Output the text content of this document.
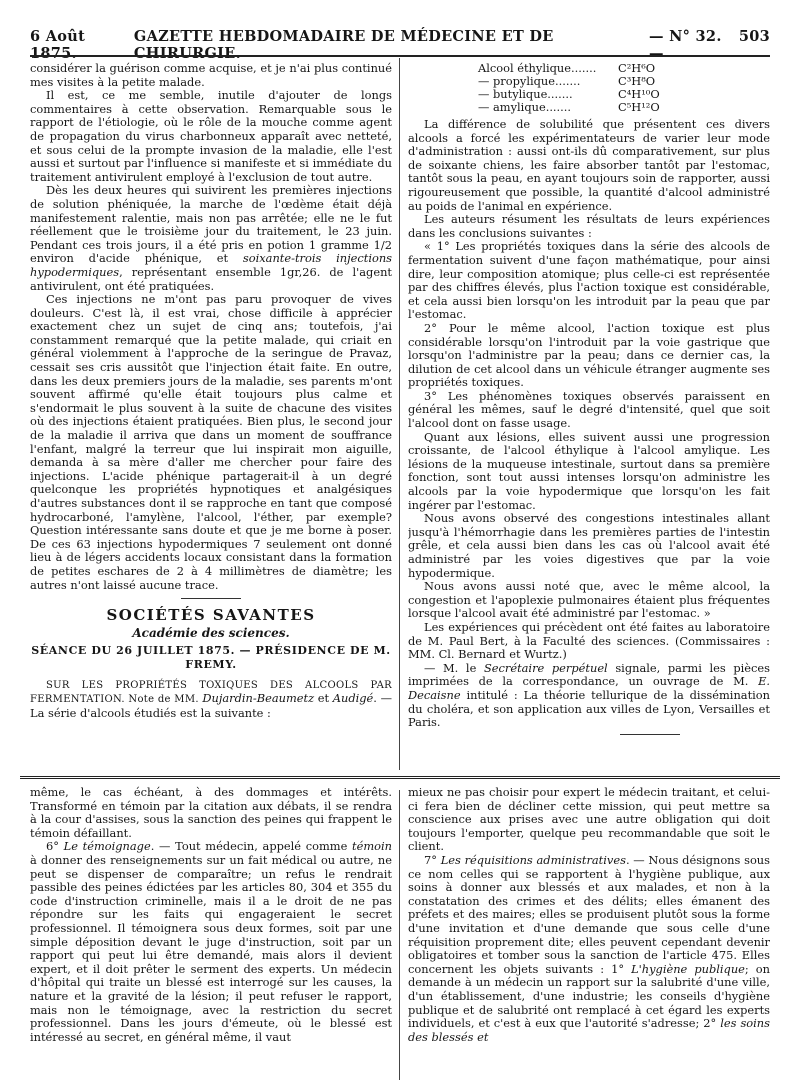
6 Août 1875.
GAZETTE HEBDOMADAIRE DE MÉDECINE ET DE CHIRURGIE.
— N° 32. —
503

considérer la guérison comme acquise, et je n'ai plus continué mes visites à la petite malade.

Il est, ce me semble, inutile d'ajouter de longs commentaires à cette observation. Remarquable sous le rapport de l'étiologie, où le rôle de la mouche comme agent de propagation du virus charbonneux apparaît avec netteté, et sous celui de la prompte invasion de la maladie, elle l'est aussi et surtout par l'influence si manifeste et si immédiate du traitement antivirulent employé à l'exclusion de tout autre.

Dès les deux heures qui suivirent les premières injections de solution phéniquée, la marche de l'œdème était déjà manifestement ralentie, mais non pas arrêtée; elle ne le fut réellement que le troisième jour du traitement, le 23 juin. Pendant ces trois jours, il a été pris en potion 1 gramme 1/2 environ d'acide phénique, et soixante-trois injections hypodermiques, représentant ensemble 1gr,26. de l'agent antivirulent, ont été pratiquées.

Ces injections ne m'ont pas paru provoquer de vives douleurs. C'est là, il est vrai, chose difficile à apprécier exactement chez un sujet de cinq ans; toutefois, j'ai constamment remarqué que la petite malade, qui criait en général violemment à l'approche de la seringue de Pravaz, cessait ses cris aussitôt que l'injection était faite. En outre, dans les deux premiers jours de la maladie, ses parents m'ont souvent affirmé qu'elle était toujours plus calme et s'endormait le plus souvent à la suite de chacune des visites où des injections étaient pratiquées. Bien plus, le second jour de la maladie il arriva que dans un moment de souffrance l'enfant, malgré la terreur que lui inspirait mon aiguille, demanda à sa mère d'aller me chercher pour faire des injections. L'acide phénique partagerait-il à un degré quelconque les propriétés hypnotiques et analgésiques d'autres substances dont il se rapproche en tant que composé hydrocarboné, l'amylène, l'alcool, l'éther, par exemple? Question intéressante sans doute et que je me borne à poser. De ces 63 injections hypodermiques 7 seulement ont donné lieu à de légers accidents locaux consistant dans la formation de petites eschares de 2 à 4 millimètres de diamètre; les autres n'ont laissé aucune trace.

SOCIÉTÉS SAVANTES
Académie des sciences.
SÉANCE DU 26 JUILLET 1875. — PRÉSIDENCE DE M. FREMY.

SUR LES PROPRIÉTÉS TOXIQUES DES ALCOOLS PAR FERMENTATION. Note de MM. Dujardin-Beaumetz et Audigé. — La série d'alcools étudiés est la suivante :

Alcool éthylique.......	C²H⁶O
— propylique.......	C³H⁸O
— butylique.......	C⁴H¹⁰O
— amylique.......	C⁵H¹²O

La différence de solubilité que présentent ces divers alcools a forcé les expérimentateurs de varier leur mode d'administration : aussi ont-ils dû comparativement, sur plus de soixante chiens, les faire absorber tantôt par l'estomac, tantôt sous la peau, en ayant toujours soin de rapporter, aussi rigoureusement que possible, la quantité d'alcool administré au poids de l'animal en expérience.

Les auteurs résument les résultats de leurs expériences dans les conclusions suivantes :

« 1° Les propriétés toxiques dans la série des alcools de fermentation suivent d'une façon mathématique, pour ainsi dire, leur composition atomique; plus celle-ci est représentée par des chiffres élevés, plus l'action toxique est considérable, et cela aussi bien lorsqu'on les introduit par la peau que par l'estomac.

2° Pour le même alcool, l'action toxique est plus considérable lorsqu'on l'introduit par la voie gastrique que lorsqu'on l'administre par la peau; dans ce dernier cas, la dilution de cet alcool dans un véhicule étranger augmente ses propriétés toxiques.

3° Les phénomènes toxiques observés paraissent en général les mêmes, sauf le degré d'intensité, quel que soit l'alcool dont on fasse usage.

Quant aux lésions, elles suivent aussi une progression croissante, de l'alcool éthylique à l'alcool amylique. Les lésions de la muqueuse intestinale, surtout dans sa première fonction, sont tout aussi intenses lorsqu'on administre les alcools par la voie hypodermique que lorsqu'on les fait ingérer par l'estomac.

Nous avons observé des congestions intestinales allant jusqu'à l'hémorrhagie dans les premières parties de l'intestin grêle, et cela aussi bien dans les cas où l'alcool avait été administré par les voies digestives que par la voie hypodermique.

Nous avons aussi noté que, avec le même alcool, la congestion et l'apoplexie pulmonaires étaient plus fréquentes lorsque l'alcool avait été administré par l'estomac. »

Les expériences qui précèdent ont été faites au laboratoire de M. Paul Bert, à la Faculté des sciences. (Commissaires : MM. Cl. Bernard et Wurtz.)

— M. le Secrétaire perpétuel signale, parmi les pièces imprimées de la correspondance, un ouvrage de M. E. Decaisne intitulé : La théorie tellurique de la dissémination du choléra, et son application aux villes de Lyon, Versailles et Paris.

même, le cas échéant, à des dommages et intérêts. Transformé en témoin par la citation aux débats, il se rendra à la cour d'assises, sous la sanction des peines qui frappent le témoin défaillant.

6° Le témoignage. — Tout médecin, appelé comme témoin à donner des renseignements sur un fait médical ou autre, ne peut se dispenser de comparaître; un refus le rendrait passible des peines édictées par les articles 80, 304 et 355 du code d'instruction criminelle, mais il a le droit de ne pas répondre sur les faits qui engageraient le secret professionnel. Il témoignera sous deux formes, soit par une simple déposition devant le juge d'instruction, soit par un rapport qui peut lui être demandé, mais alors il devient expert, et il doit prêter le serment des experts. Un médecin d'hôpital qui traite un blessé est interrogé sur les causes, la nature et la gravité de la lésion; il peut refuser le rapport, mais non le témoignage, avec la restriction du secret professionnel. Dans les jours d'émeute, où le blessé est intéressé au secret, en général même, il vaut

mieux ne pas choisir pour expert le médecin traitant, et celui-ci fera bien de décliner cette mission, qui peut mettre sa conscience aux prises avec une autre obligation qui doit toujours l'emporter, quelque peu recommandable que soit le client.

7° Les réquisitions administratives. — Nous désignons sous ce nom celles qui se rapportent à l'hygiène publique, aux soins à donner aux blessés et aux malades, et non à la constatation des crimes et des délits; elles émanent des préfets et des maires; elles se produisent plutôt sous la forme d'une invitation et d'une demande que sous celle d'une réquisition proprement dite; elles peuvent cependant devenir obligatoires et tomber sous la sanction de l'article 475. Elles concernent les objets suivants : 1° L'hygiène publique; on demande à un médecin un rapport sur la salubrité d'une ville, d'un établissement, d'une industrie; les conseils d'hygiène publique et de salubrité ont remplacé à cet égard les experts individuels, et c'est à eux que l'autorité s'adresse; 2° les soins des blessés et
